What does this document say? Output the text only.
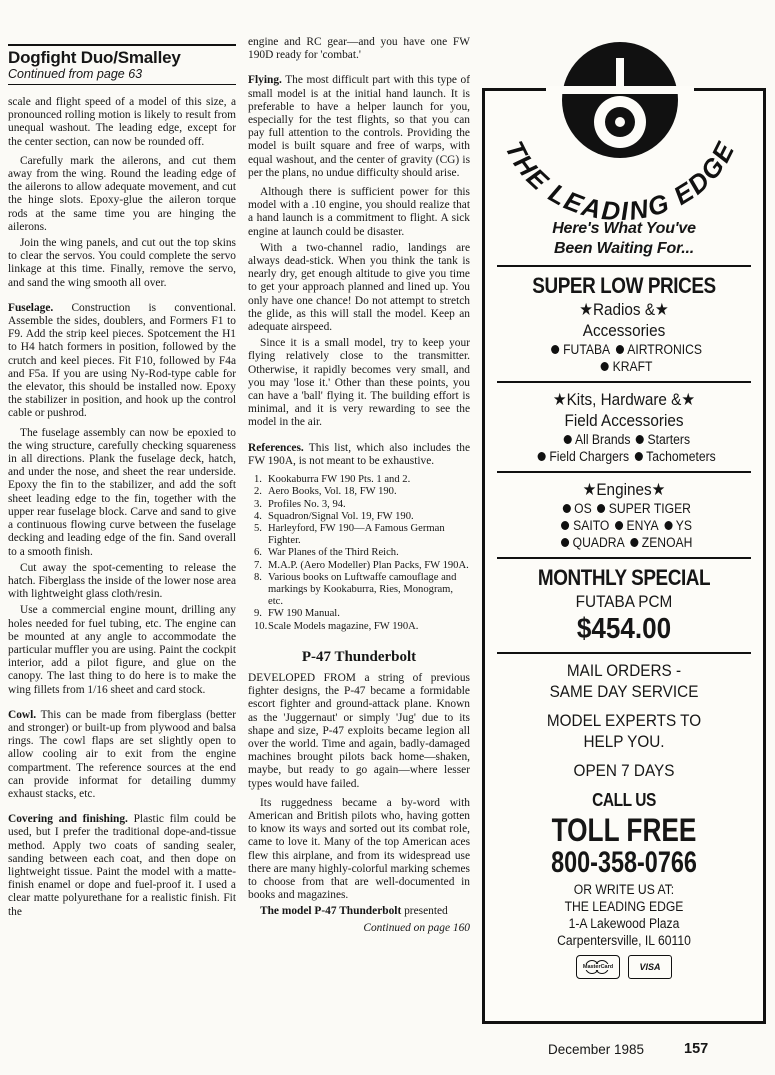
Dogfight Duo/Smalley
Continued from page 63

scale and flight speed of a model of this size, a pronounced rolling motion is likely to result from unequal washout. The leading edge, except for the center section, can now be rounded off.

Carefully mark the ailerons, and cut them away from the wing. Round the leading edge of the ailerons to allow adequate movement, and cut the hinge slots. Epoxy-glue the aileron torque rods at the same time you are hinging the ailerons.

Join the wing panels, and cut out the top skins to clear the servos. You could complete the servo linkage at this time. Finally, remove the servo, and sand the wing smooth all over.

Fuselage. Construction is conventional. Assemble the sides, doublers, and Formers F1 to F9. Add the strip keel pieces. Spotcement the H1 to H4 hatch formers in position, followed by the crutch and keel pieces. Fit F10, followed by F4a and F5a. If you are using Ny-Rod-type cable for the elevator, this should be installed now. Epoxy the stabilizer in position, and hook up the control cable or pushrod.

The fuselage assembly can now be epoxied to the wing structure, carefully checking squareness in all directions. Plank the fuselage deck, hatch, and under the nose, and sheet the rear underside. Epoxy the fin to the stabilizer, and add the soft sheet leading edge to the fin, together with the upper rear fuselage block. Carve and sand to give a continuous flowing curve between the fuselage decking and leading edge of the fin. Sand overall to a smooth finish.

Cut away the spot-cementing to release the hatch. Fiberglass the inside of the lower nose area with lightweight glass cloth/resin.

Use a commercial engine mount, drilling any holes needed for fuel tubing, etc. The engine can be mounted at any angle to accommodate the particular muffler you are using. Paint the cockpit interior, add a pilot figure, and glue on the canopy. The last thing to do here is to make the wing fillets from 1/16 sheet and card stock.

Cowl. This can be made from fiberglass (better and stronger) or built-up from plywood and balsa rings. The cowl flaps are set slightly open to allow cooling air to exit from the engine compartment. The reference sources at the end can provide informat for detailing dummy exhaust stacks, etc.

Covering and finishing. Plastic film could be used, but I prefer the traditional dope-and-tissue method. Apply two coats of sanding sealer, sanding between each coat, and then dope on lightweight tissue. Paint the model with a matte-finish enamel or dope and fuel-proof it. I used a clear matte polyurethane for a realistic finish. Fit the

engine and RC gear—and you have one FW 190D ready for 'combat.'

Flying. The most difficult part with this type of small model is at the initial hand launch. It is preferable to have a helper launch for you, especially for the test flights, so that you can pay full attention to the controls. Providing the model is built square and free of warps, with equal washout, and the center of gravity (CG) is per the plans, no undue difficulty should arise.

Although there is sufficient power for this model with a .10 engine, you should realize that a hand launch is a commitment to flight. A sick engine at launch could be disaster.

With a two-channel radio, landings are always dead-stick. When you think the tank is nearly dry, get enough altitude to give you time to get your approach planned and lined up. You only have one chance! Do not attempt to stretch the glide, as this will stall the model. Keep an adequate airspeed.

Since it is a small model, try to keep your flying relatively close to the transmitter. Otherwise, it rapidly becomes very small, and you may 'lose it.' Other than these points, you can have a 'ball' flying it. The building effort is minimal, and it is very rewarding to see the model in the air.

References. This list, which also includes the FW 190A, is not meant to be exhaustive.

1. Kookaburra FW 190 Pts. 1 and 2.
2. Aero Books, Vol. 18, FW 190.
3. Profiles No. 3, 94.
4. Squadron/Signal Vol. 19, FW 190.
5. Harleyford, FW 190—A Famous German Fighter.
6. War Planes of the Third Reich.
7. M.A.P. (Aero Modeller) Plan Packs, FW 190A.
8. Various books on Luftwaffe camouflage and markings by Kookaburra, Ries, Monogram, etc.
9. FW 190 Manual.
10. Scale Models magazine, FW 190A.
P-47 Thunderbolt

DEVELOPED FROM a string of previous fighter designs, the P-47 became a formidable escort fighter and ground-attack plane. Known as the 'Juggernaut' or simply 'Jug' due to its shape and size, P-47 exploits became legion all over the world. Time and again, badly-damaged machines brought pilots back home—shaken, maybe, but ready to go again—where lesser types would have failed.

Its ruggedness became a by-word with American and British pilots who, having gotten to know its ways and sorted out its combat role, came to love it. Many of the top American aces flew this airplane, and from its widespread use there are many highly-colorful marking schemes to choose from that are well-documented in books and magazines.

The model P-47 Thunderbolt presented

Continued on page 160
Here's What You've
Been Waiting For...
SUPER LOW PRICES
★Radios &★
Accessories
FUTABA AIRTRONICS
KRAFT
★Kits, Hardware &★
Field Accessories
All Brands Starters
Field Chargers Tachometers
★Engines★
OS SUPER TIGER
SAITO ENYA YS
QUADRA ZENOAH
MONTHLY SPECIAL
FUTABA PCM
$454.00
MAIL ORDERS -
SAME DAY SERVICE
MODEL EXPERTS TO
HELP YOU.
OPEN 7 DAYS
CALL US
TOLL FREE
800-358-0766
OR WRITE US AT:
THE LEADING EDGE
1-A Lakewood Plaza
Carpentersville, IL 60110
MasterCard	VISA
THE LEADING EDGE
December 1985	157
